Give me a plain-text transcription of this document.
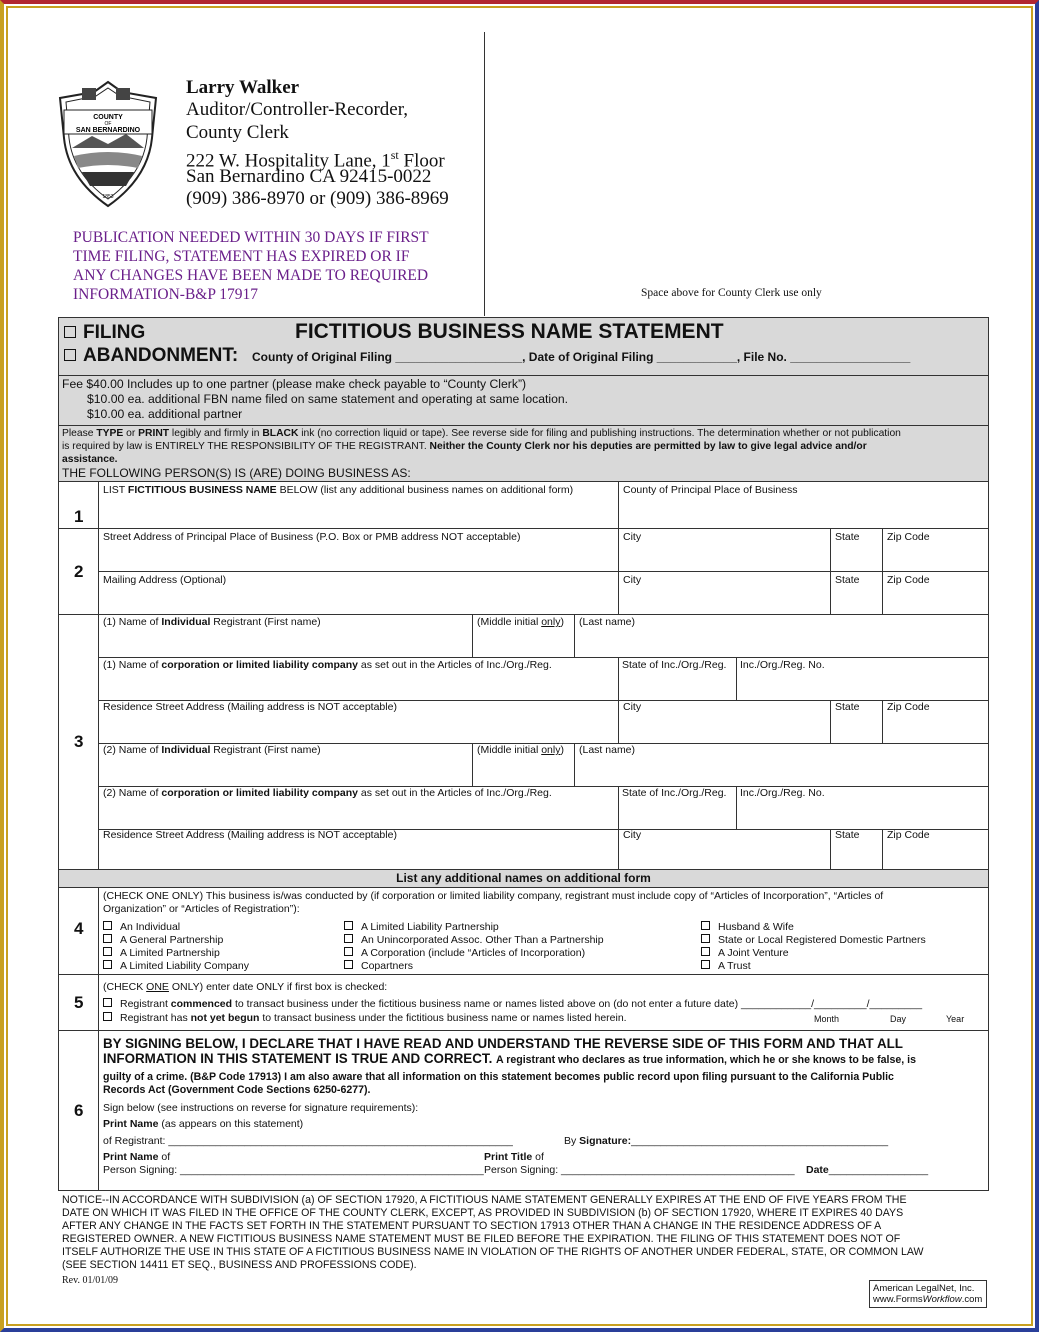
COUNTY
OF
SAN BERNARDINO
1853
Larry Walker
Auditor/Controller-Recorder,
County Clerk
222 W. Hospitality Lane, 1st Floor
San Bernardino CA 92415-0022
(909) 386-8970 or (909) 386-8969
PUBLICATION NEEDED WITHIN 30 DAYS IF FIRST
TIME FILING, STATEMENT HAS EXPIRED OR IF
ANY CHANGES HAVE BEEN MADE TO REQUIRED
INFORMATION-B&P 17917	Space above for County Clerk use only
FILING	FICTITIOUS BUSINESS NAME STATEMENT
ABANDONMENT: County of Original Filing ___________________, Date of Original Filing ____________, File No. __________________
Fee $40.00 Includes up to one partner (please make check payable to “County Clerk”)
$10.00 ea. additional FBN name filed on same statement and operating at same location.
$10.00 ea. additional partner
Please TYPE or PRINT legibly and firmly in BLACK ink (no correction liquid or tape). See reverse side for filing and publishing instructions. The determination whether or not publication
is required by law is ENTIRELY THE RESPONSIBILITY OF THE REGISTRANT. Neither the County Clerk nor his deputies are permitted by law to give legal advice and/or
assistance.
THE FOLLOWING PERSON(S) IS (ARE) DOING BUSINESS AS:
1
LIST FICTITIOUS BUSINESS NAME BELOW (list any additional business names on additional form)	County of Principal Place of Business
2
Street Address of Principal Place of Business (P.O. Box or PMB address NOT acceptable)	City	State	Zip Code
Mailing Address (Optional)	City	State	Zip Code
3
(1) Name of Individual Registrant (First name)	(Middle initial only) (Last name)
(1) Name of corporation or limited liability company as set out in the Articles of Inc./Org./Reg.	State of Inc./Org./Reg. Inc./Org./Reg. No.
Residence Street Address (Mailing address is NOT acceptable)	City	State	Zip Code
(2) Name of Individual Registrant (First name)	(Middle initial only) (Last name)
(2) Name of corporation or limited liability company as set out in the Articles of Inc./Org./Reg.	State of Inc./Org./Reg. Inc./Org./Reg. No.
Residence Street Address (Mailing address is NOT acceptable)	City	State	Zip Code
List any additional names on additional form
4
(CHECK ONE ONLY) This business is/was conducted by (if corporation or limited liability company, registrant must include copy of “Articles of Incorporation”, “Articles of
Organization” or “Articles of Registration”):
An Individual
A General Partnership
A Limited Partnership
A Limited Liability Company
A Limited Liability Partnership
An Unincorporated Assoc. Other Than a Partnership
A Corporation (include “Articles of Incorporation)
Copartners
Husband & Wife
State or Local Registered Domestic Partners
A Joint Venture
A Trust
5
(CHECK ONE ONLY) enter date ONLY if first box is checked:
Registrant commenced to transact business under the fictitious business name or names listed above on (do not enter a future date) ____________/_________/_________
Registrant has not yet begun to transact business under the fictitious business name or names listed herein.	Month	Day	Year
6
BY SIGNING BELOW, I DECLARE THAT I HAVE READ AND UNDERSTAND THE REVERSE SIDE OF THIS FORM AND THAT ALL
INFORMATION IN THIS STATEMENT IS TRUE AND CORRECT. A registrant who declares as true information, which he or she knows to be false, is
guilty of a crime. (B&P Code 17913) I am also aware that all information on this statement becomes public record upon filing pursuant to the California Public
Records Act (Government Code Sections 6250-6277).
Sign below (see instructions on reverse for signature requirements):
Print Name (as appears on this statement)
of Registrant: ___________________________________________________________	By Signature:____________________________________________
Print Name of
Person Signing: ____________________________________________________
Print Title of
Person Signing: ________________________________________ Date_________________
NOTICE--IN ACCORDANCE WITH SUBDIVISION (a) OF SECTION 17920, A FICTITIOUS NAME STATEMENT GENERALLY EXPIRES AT THE END OF FIVE YEARS FROM THE
DATE ON WHICH IT WAS FILED IN THE OFFICE OF THE COUNTY CLERK, EXCEPT, AS PROVIDED IN SUBDIVISION (b) OF SECTION 17920, WHERE IT EXPIRES 40 DAYS
AFTER ANY CHANGE IN THE FACTS SET FORTH IN THE STATEMENT PURSUANT TO SECTION 17913 OTHER THAN A CHANGE IN THE RESIDENCE ADDRESS OF A
REGISTERED OWNER. A NEW FICTITIOUS BUSINESS NAME STATEMENT MUST BE FILED BEFORE THE EXPIRATION. THE FILING OF THIS STATEMENT DOES NOT OF
ITSELF AUTHORIZE THE USE IN THIS STATE OF A FICTITIOUS BUSINESS NAME IN VIOLATION OF THE RIGHTS OF ANOTHER UNDER FEDERAL, STATE, OR COMMON LAW
(SEE SECTION 14411 ET SEQ., BUSINESS AND PROFESSIONS CODE).
Rev. 01/01/09
American LegalNet, Inc.
www.FormsWorkflow.com
